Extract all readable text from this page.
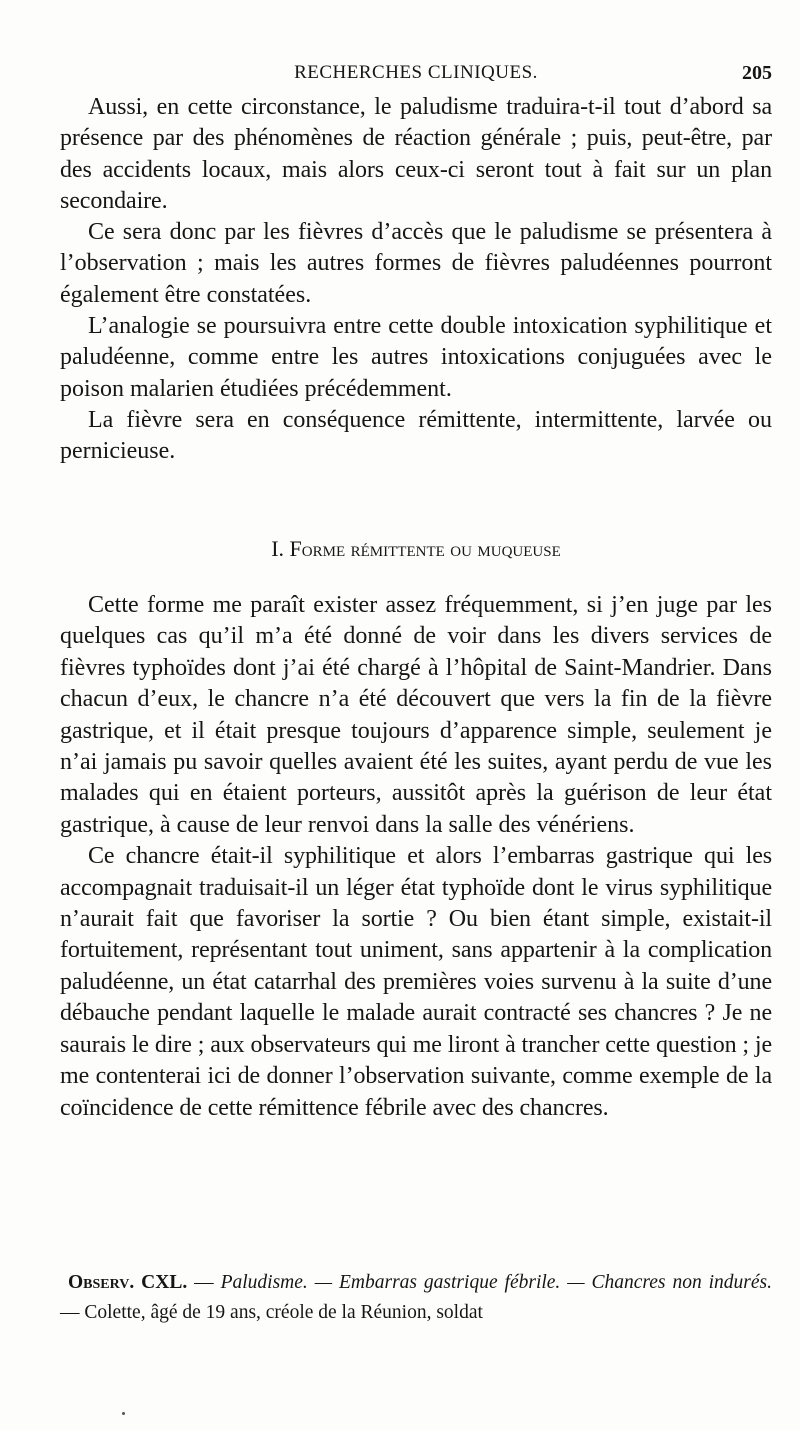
RECHERCHES CLINIQUES.	205

Aussi, en cette circonstance, le paludisme traduira-t-il tout d’abord sa présence par des phénomènes de réaction générale ; puis, peut-être, par des accidents locaux, mais alors ceux-ci seront tout à fait sur un plan secondaire.

Ce sera donc par les fièvres d’accès que le paludisme se présentera à l’observation ; mais les autres formes de fièvres paludéennes pourront également être constatées.

L’analogie se poursuivra entre cette double intoxication syphilitique et paludéenne, comme entre les autres intoxications conjuguées avec le poison malarien étudiées précédemment.

La fièvre sera en conséquence rémittente, intermittente, larvée ou pernicieuse.

I. Forme rémittente ou muqueuse

Cette forme me paraît exister assez fréquemment, si j’en juge par les quelques cas qu’il m’a été donné de voir dans les divers services de fièvres typhoïdes dont j’ai été chargé à l’hôpital de Saint-Mandrier. Dans chacun d’eux, le chancre n’a été découvert que vers la fin de la fièvre gastrique, et il était presque toujours d’apparence simple, seulement je n’ai jamais pu savoir quelles avaient été les suites, ayant perdu de vue les malades qui en étaient porteurs, aussitôt après la guérison de leur état gastrique, à cause de leur renvoi dans la salle des vénériens.

Ce chancre était-il syphilitique et alors l’embarras gastrique qui les accompagnait traduisait-il un léger état typhoïde dont le virus syphilitique n’aurait fait que favoriser la sortie ? Ou bien étant simple, existait-il fortuitement, représentant tout uniment, sans appartenir à la complication paludéenne, un état catarrhal des premières voies survenu à la suite d’une débauche pendant laquelle le malade aurait contracté ses chancres ? Je ne saurais le dire ; aux observateurs qui me liront à trancher cette question ; je me contenterai ici de donner l’observation suivante, comme exemple de la coïncidence de cette rémittence fébrile avec des chancres.

Observ. CXL. — Paludisme. — Embarras gastrique fébrile. — Chancres non indurés. — Colette, âgé de 19 ans, créole de la Réunion, soldat
